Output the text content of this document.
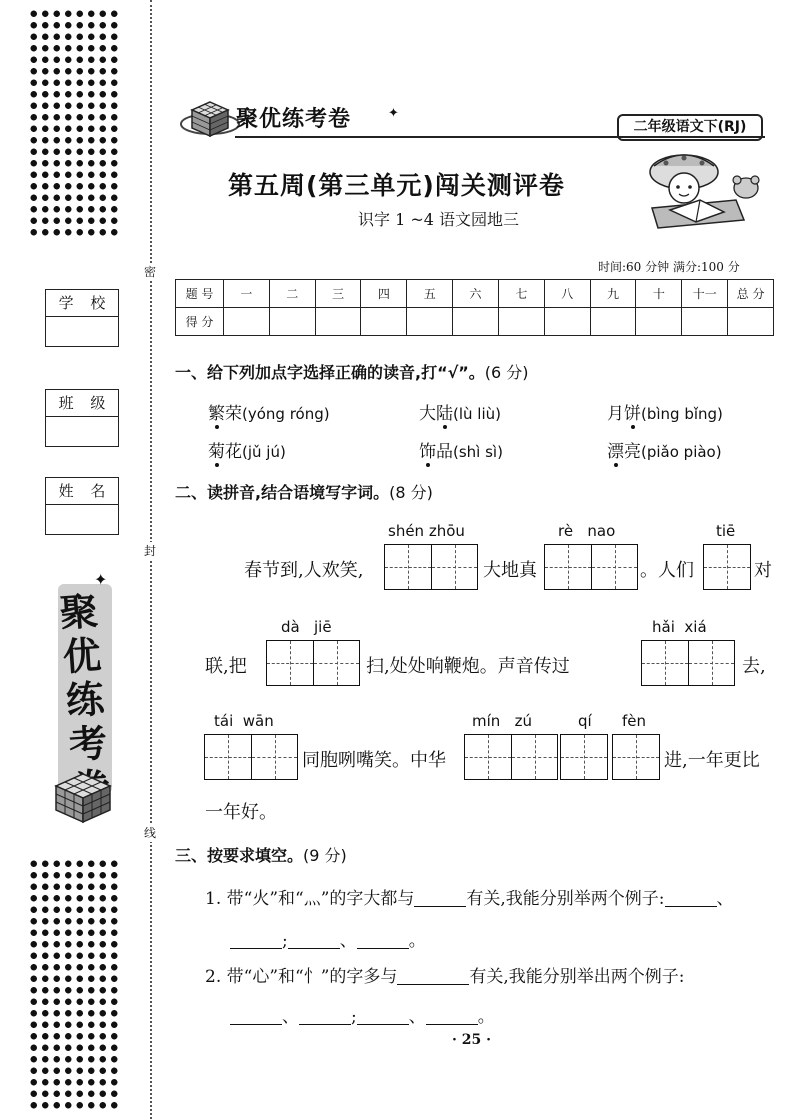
密
封
线
学 校
班 级
姓 名
✦
聚优练考卷
聚优练考卷	✦
二年级语文下(RJ)
第五周(第三单元)闯关测评卷
识字 1 ~4 语文园地三
时间:60 分钟 满分:100 分
题 号	一	二	三	四	五	六	七	八	九	十	十一	总 分
得 分												
一、给下列加点字选择正确的读音,打“√”。(6 分)
繁荣(yóng róng)	大陆(lù liù)	月饼(bìng bǐng)
菊花(jǔ jú)	饰品(shì sì)	漂亮(piǎo piào)
二、读拼音,结合语境写字词。(8 分)
shén zhōu	rè   nao	tiē
春节到,人欢笑,	大地真	。人们	对
dà   jiē	hǎi  xiá
联,把	扫,处处响鞭炮。声音传过	去,
tái  wān	mín   zú	qí fèn
同胞咧嘴笑。中华	进,一年更比
一年好。
三、按要求填空。(9 分)
1. 带“火”和“灬”的字大都与	有关,我能分别举两个例子:	、
;	、	。
2. 带“心”和“忄”的字多与	有关,我能分别举出两个例子:
、	;	、	。
· 25 ·
